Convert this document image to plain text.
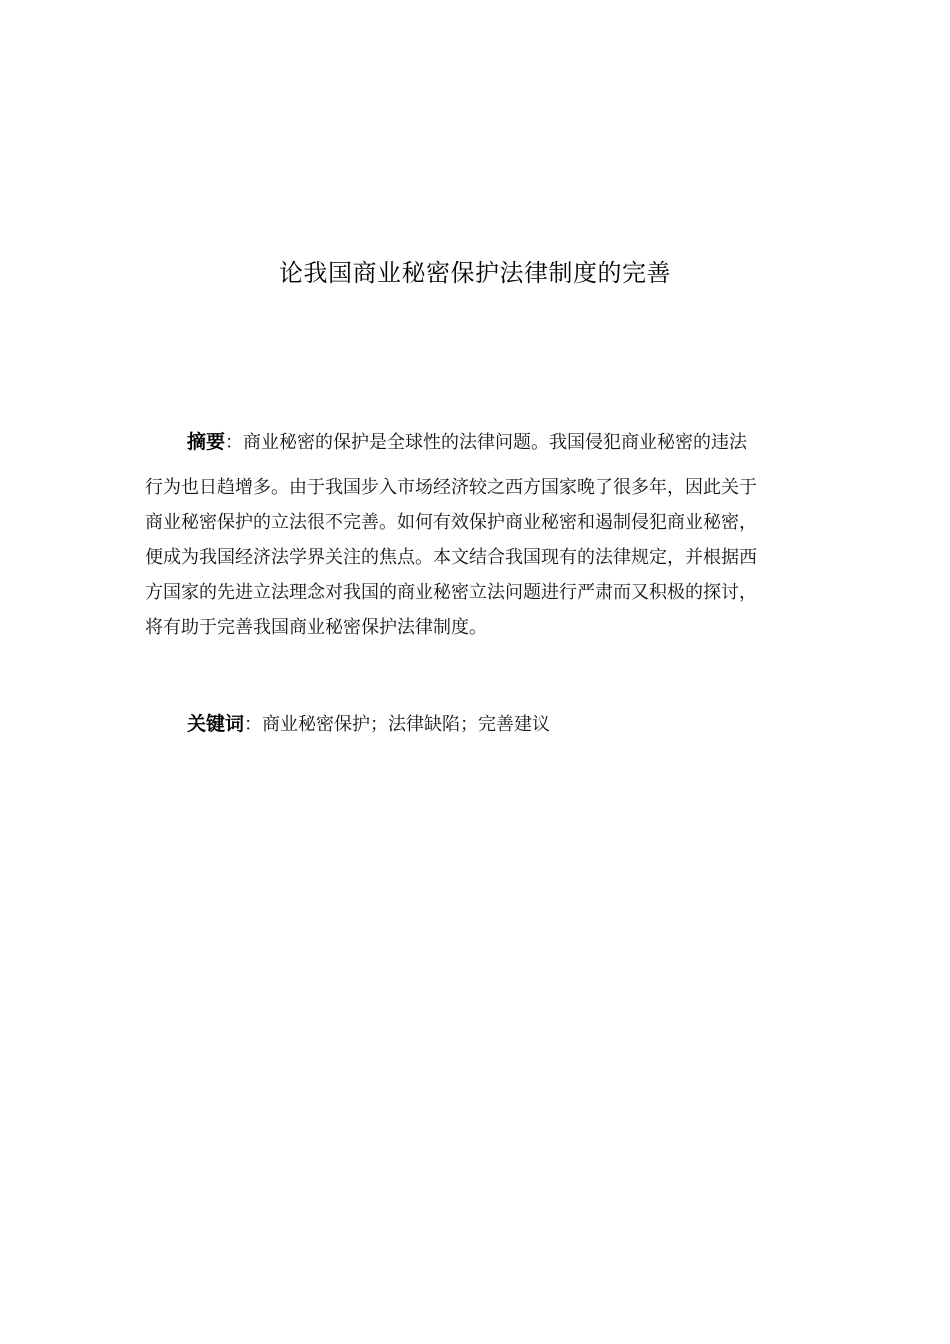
论我国商业秘密保护法律制度的完善
摘要：商业秘密的保护是全球性的法律问题。我国侵犯商业秘密的违法
行为也日趋增多。由于我国步入市场经济较之西方国家晚了很多年，因此关于
商业秘密保护的立法很不完善。如何有效保护商业秘密和遏制侵犯商业秘密，
便成为我国经济法学界关注的焦点。本文结合我国现有的法律规定，并根据西
方国家的先进立法理念对我国的商业秘密立法问题进行严肃而又积极的探讨，
将有助于完善我国商业秘密保护法律制度。
关键词：商业秘密保护；法律缺陷；完善建议
